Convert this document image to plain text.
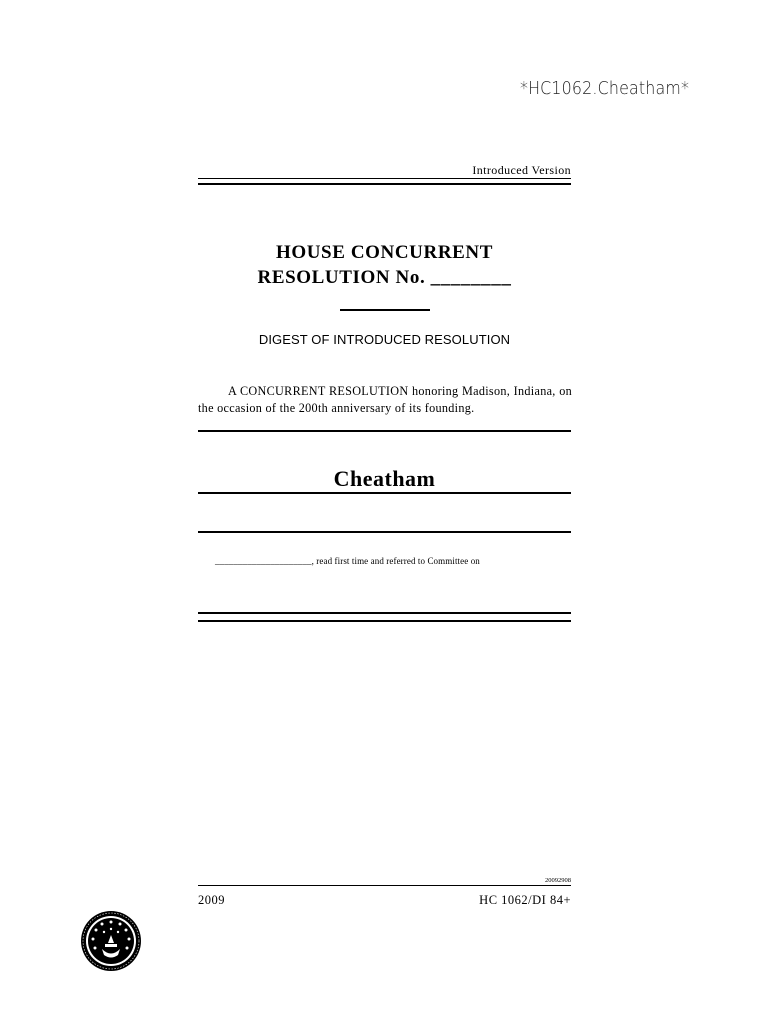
*HC1062.Cheatham*
Introduced Version
HOUSE CONCURRENT
RESOLUTION No. ________
DIGEST OF INTRODUCED RESOLUTION
A CONCURRENT RESOLUTION honoring Madison, Indiana, on the occasion of the 200th anniversary of its founding.
Cheatham
_____________________, read first time and referred to Committee on
20092908
2009	HC 1062/DI 84+
